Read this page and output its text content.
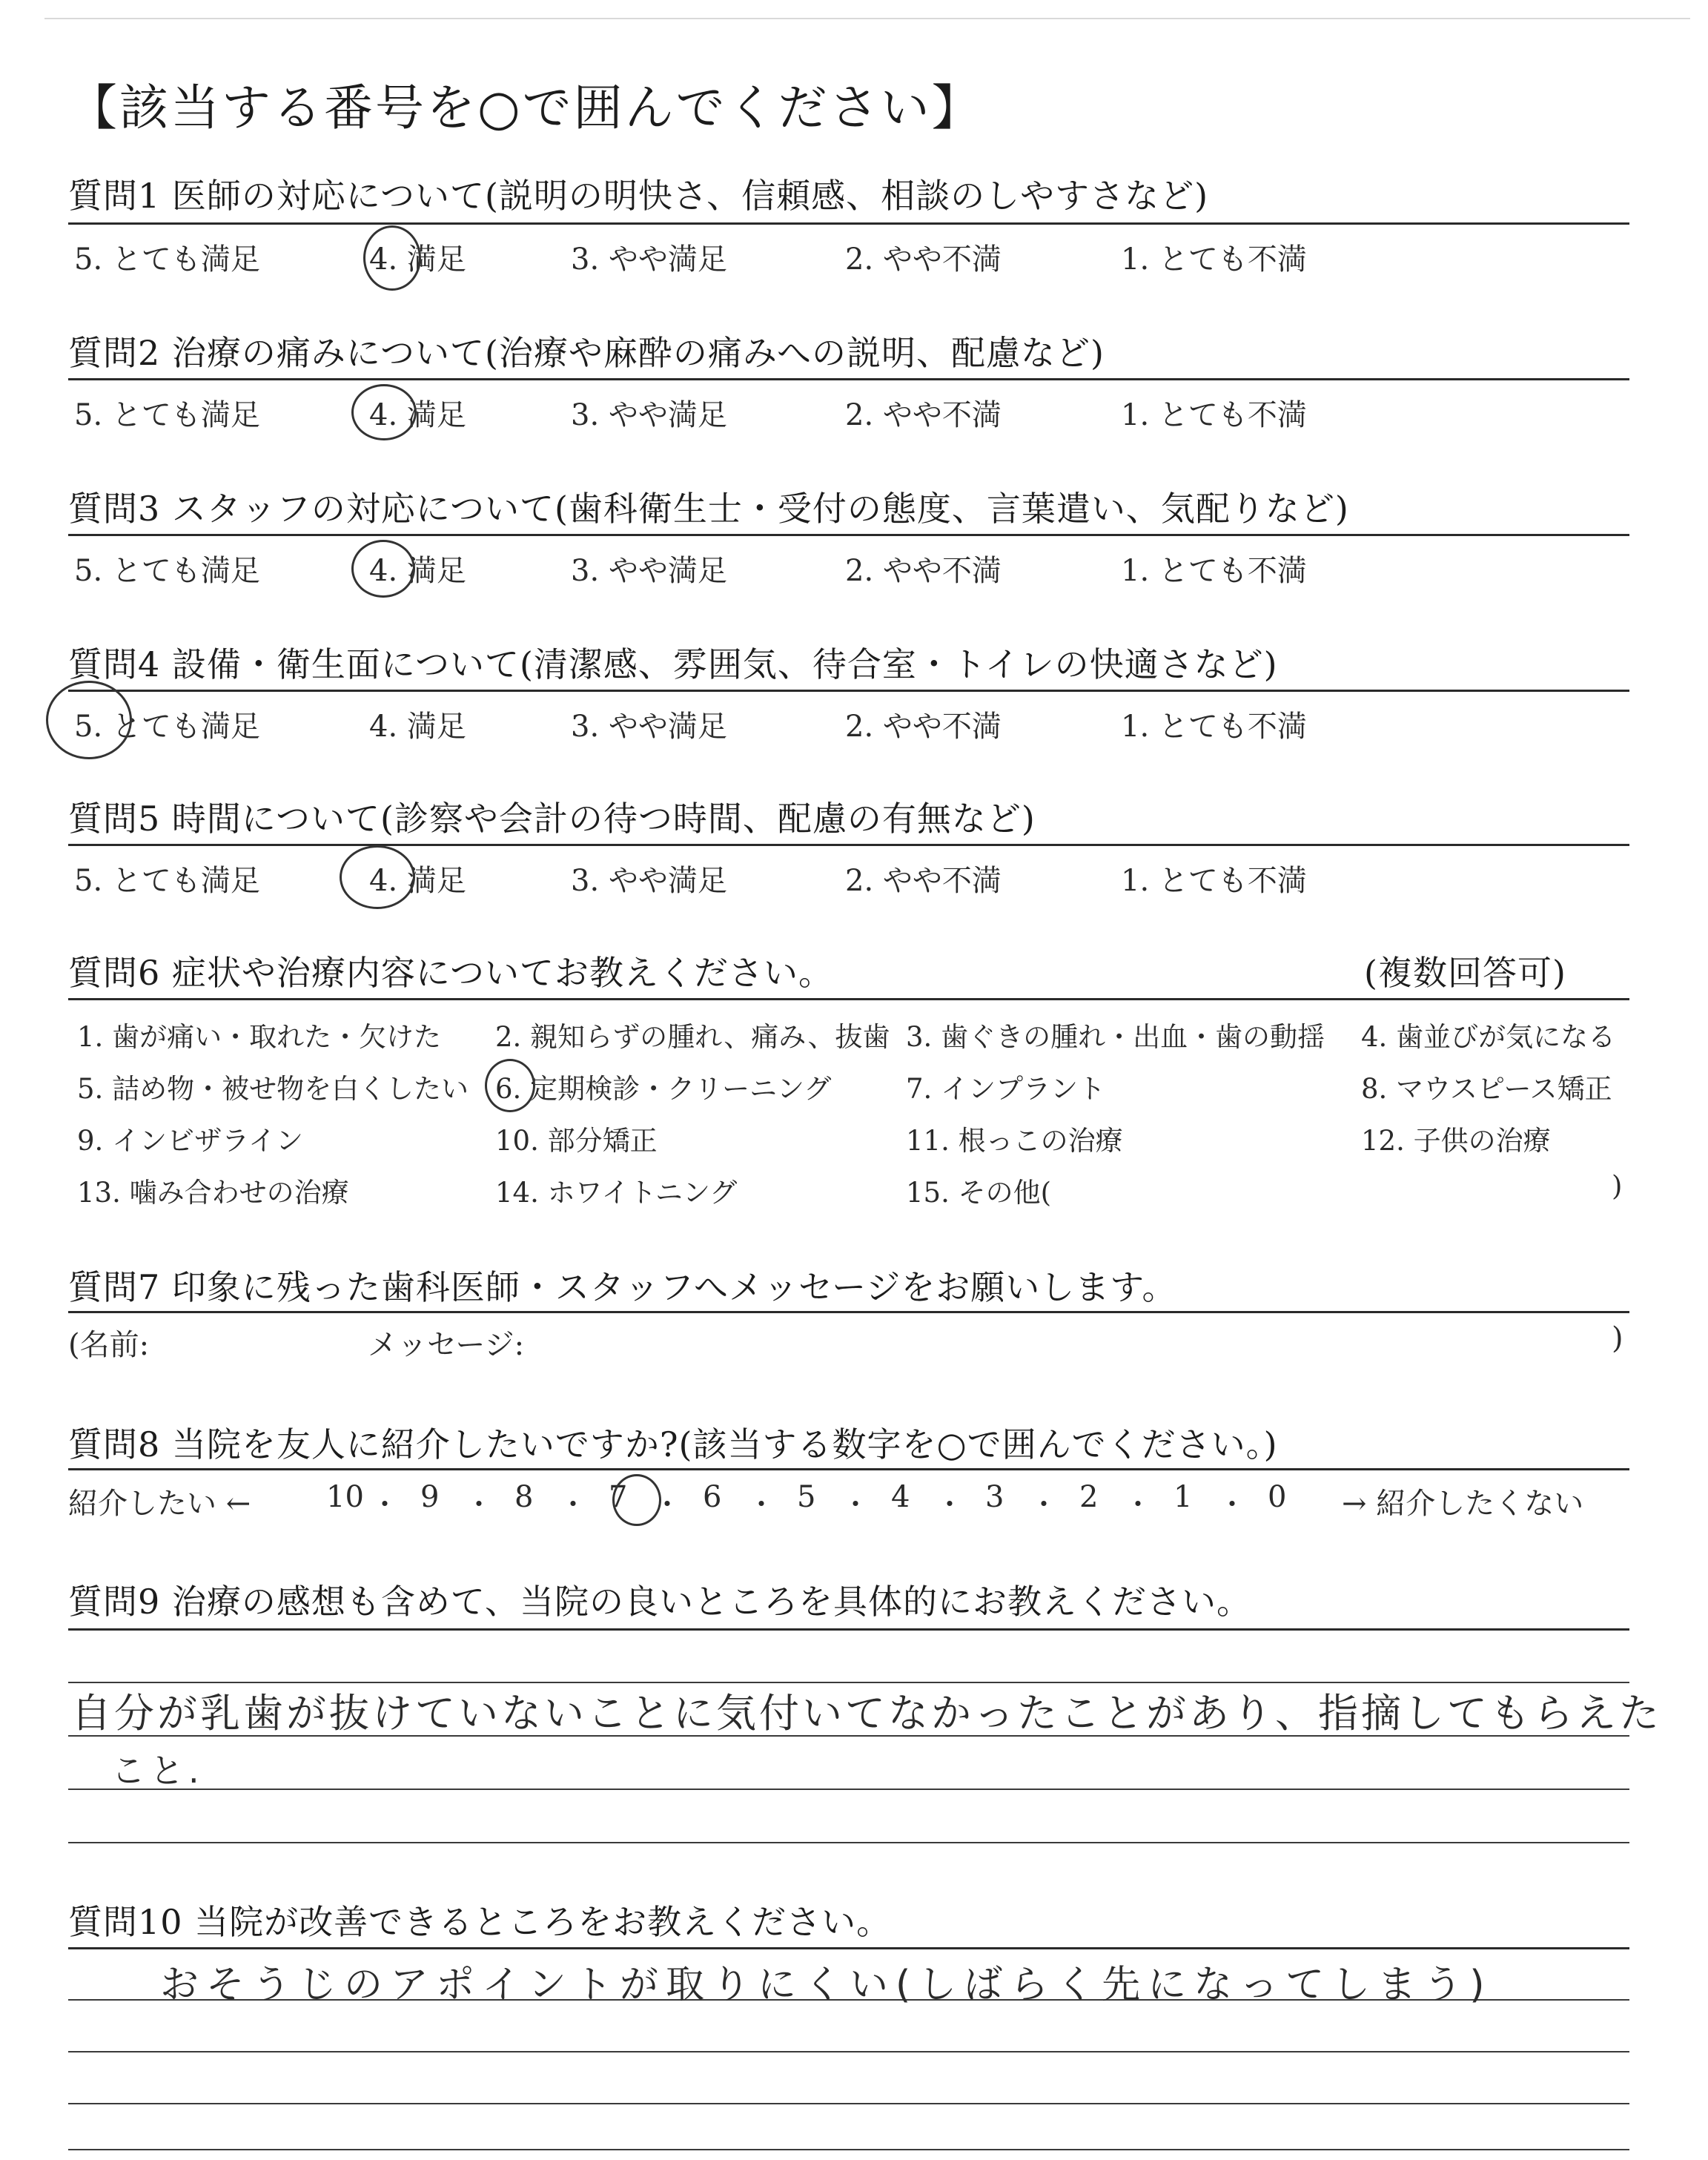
【該当する番号を○で囲んでください】
質問1 医師の対応について(説明の明快さ、信頼感、相談のしやすさなど)
5. とても満足	4. 満足	3. やや満足	2. やや不満	1. とても不満
質問2 治療の痛みについて(治療や麻酔の痛みへの説明、配慮など)
5. とても満足	4. 満足	3. やや満足	2. やや不満	1. とても不満
質問3 スタッフの対応について(歯科衛生士・受付の態度、言葉遣い、気配りなど)
5. とても満足	4. 満足	3. やや満足	2. やや不満	1. とても不満
質問4 設備・衛生面について(清潔感、雰囲気、待合室・トイレの快適さなど)
5. とても満足	4. 満足	3. やや満足	2. やや不満	1. とても不満
質問5 時間について(診察や会計の待つ時間、配慮の有無など)
5. とても満足	4. 満足	3. やや満足	2. やや不満	1. とても不満
質問6 症状や治療内容についてお教えください。	(複数回答可)
1. 歯が痛い・取れた・欠けた 2. 親知らずの腫れ、痛み、抜歯 3. 歯ぐきの腫れ・出血・歯の動揺 4. 歯並びが気になる
5. 詰め物・被せ物を白くしたい 6. 定期検診・クリーニング	7. インプラント	8. マウスピース矯正
9. インビザライン	10. 部分矯正	11. 根っこの治療	12. 子供の治療
13. 噛み合わせの治療	14. ホワイトニング	15. その他(	)
質問7 印象に残った歯科医師・スタッフへメッセージをお願いします。
(名前:	メッセージ:	)
質問8 当院を友人に紹介したいですか?(該当する数字を○で囲んでください。)
紹介したい ←	10 ・ 9 ・ 8 ・ 7 ・ 6 ・ 5 ・ 4 ・ 3 ・ 2 ・ 1 ・ 0 → 紹介したくない
質問9 治療の感想も含めて、当院の良いところを具体的にお教えください。
自分が乳歯が抜けていないことに気付いてなかったことがあり、指摘してもらえた
こと.
質問10 当院が改善できるところをお教えください。
おそうじのアポイントが取りにくい(しばらく先になってしまう)
